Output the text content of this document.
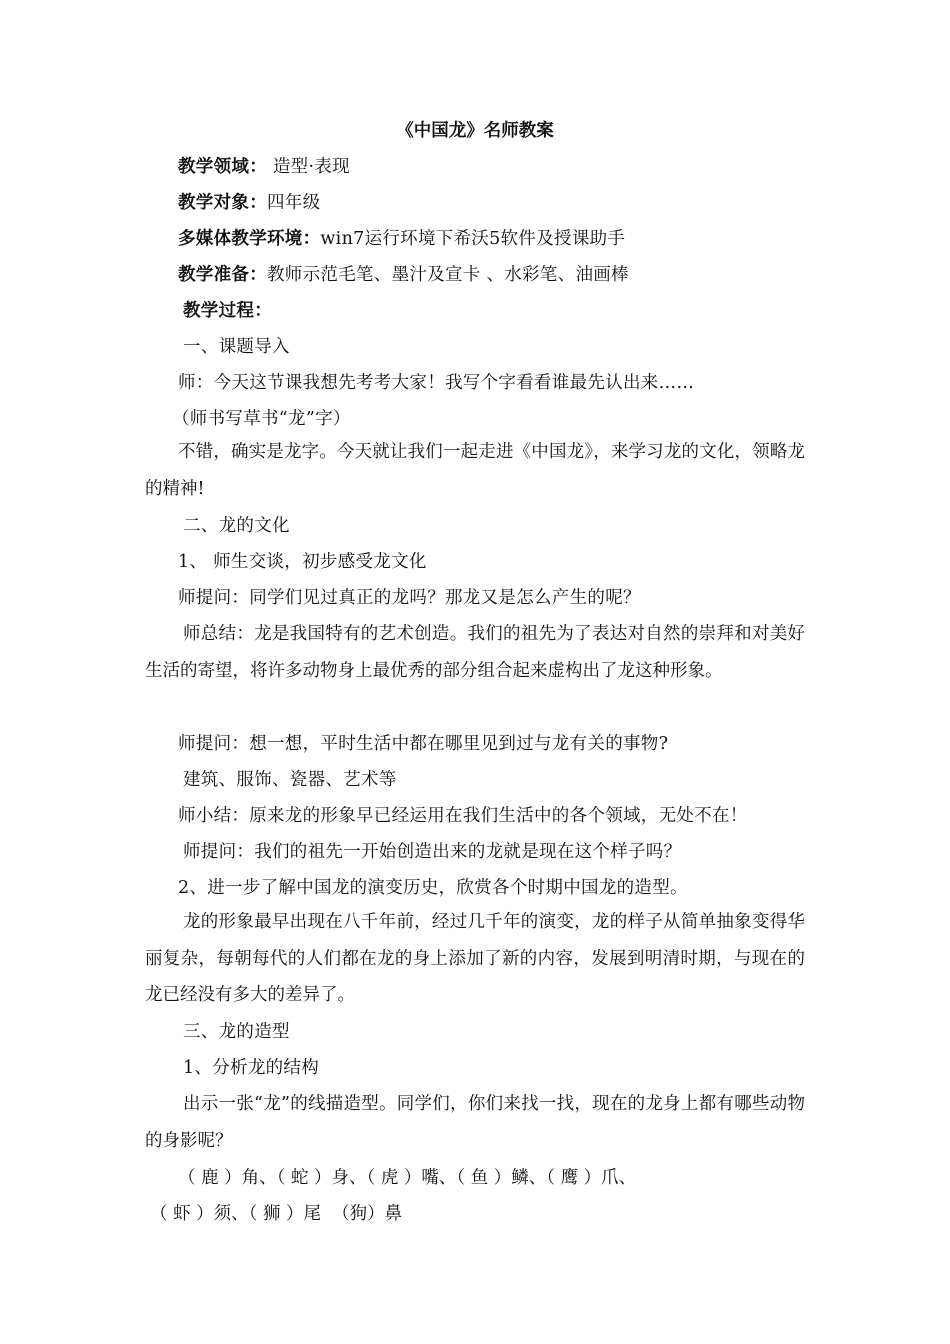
《中国龙》名师教案
教学领域： 造型·表现
教学对象：四年级
多媒体教学环境：win7运行环境下希沃5软件及授课助手
教学准备：教师示范毛笔、墨汁及宣卡 、水彩笔、油画棒
教学过程：
一、课题导入
师：今天这节课我想先考考大家！我写个字看看谁最先认出来……
（师书写草书“龙”字）
不错，确实是龙字。今天就让我们一起走进《中国龙》，来学习龙的文化，领略龙的精神!
二、龙的文化
1、 师生交谈，初步感受龙文化
师提问：同学们见过真正的龙吗？那龙又是怎么产生的呢？
师总结：龙是我国特有的艺术创造。我们的祖先为了表达对自然的崇拜和对美好生活的寄望，将许多动物身上最优秀的部分组合起来虚构出了龙这种形象。
师提问：想一想，平时生活中都在哪里见到过与龙有关的事物?
建筑、服饰、瓷器、艺术等
师小结：原来龙的形象早已经运用在我们生活中的各个领域，无处不在！
师提问：我们的祖先一开始创造出来的龙就是现在这个样子吗？
2、进一步了解中国龙的演变历史，欣赏各个时期中国龙的造型。
龙的形象最早出现在八千年前，经过几千年的演变，龙的样子从简单抽象变得华丽复杂，每朝每代的人们都在龙的身上添加了新的内容，发展到明清时期，与现在的龙已经没有多大的差异了。
三、龙的造型
1、分析龙的结构
出示一张“龙”的线描造型。同学们，你们来找一找，现在的龙身上都有哪些动物的身影呢？
（ 鹿 ）角、（ 蛇 ）身、（ 虎 ）嘴、（ 鱼 ）鳞、（ 鹰 ）爪、
（ 虾 ）须、（ 狮 ）尾  （狗）鼻
